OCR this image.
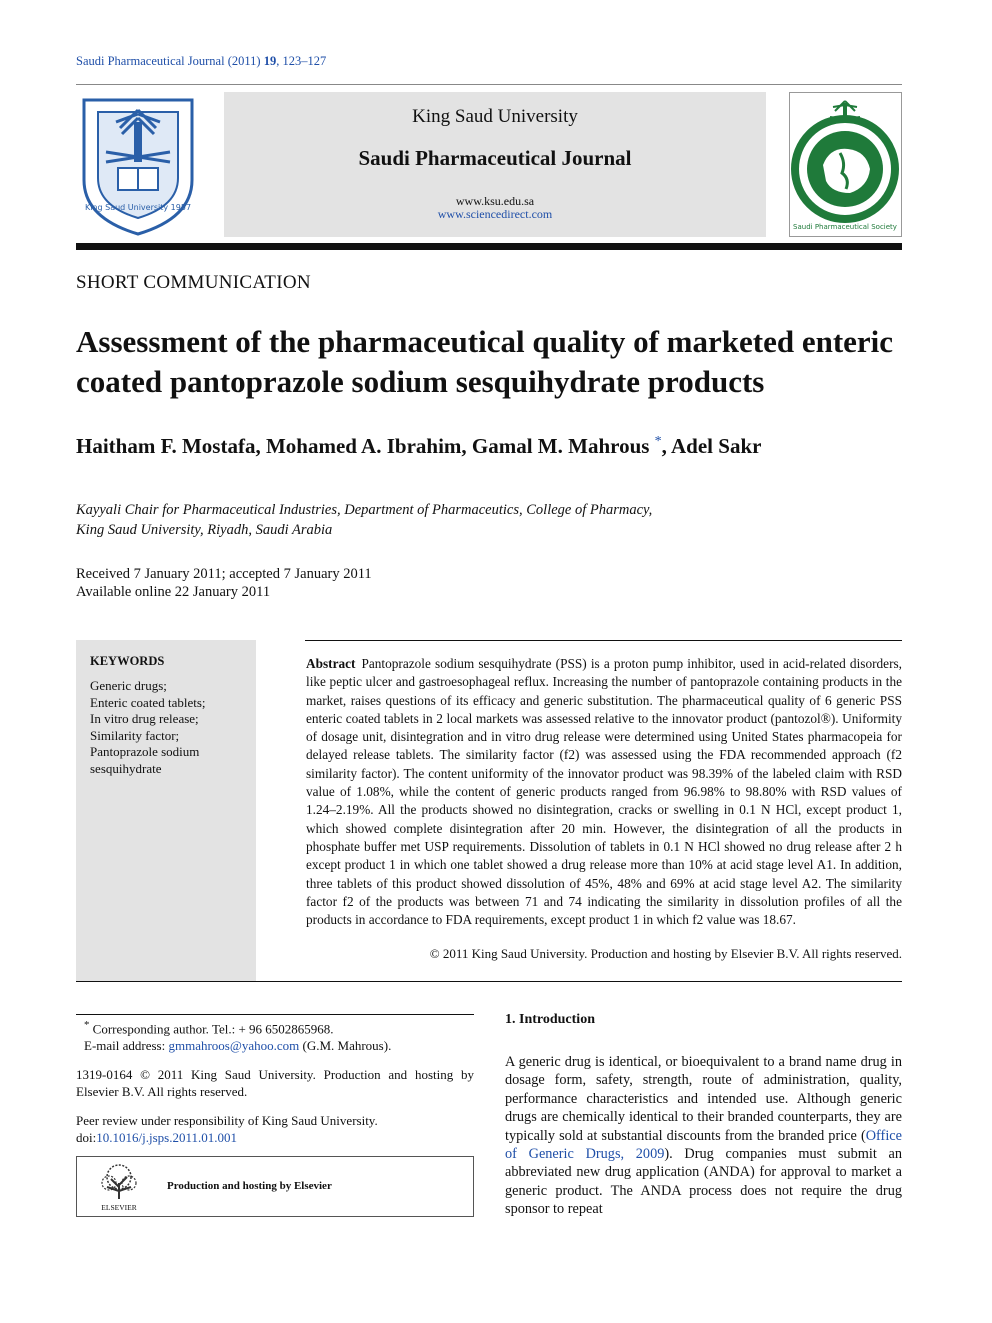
Saudi Pharmaceutical Journal (2011) 19, 123–127
King Saud University 1957
King Saud University
Saudi Pharmaceutical Journal
www.ksu.edu.sa
www.sciencedirect.com
Saudi Pharmaceutical Society
SHORT COMMUNICATION
Assessment of the pharmaceutical quality of marketed enteric coated pantoprazole sodium sesquihydrate products
Haitham F. Mostafa, Mohamed A. Ibrahim, Gamal M. Mahrous *, Adel Sakr
Kayyali Chair for Pharmaceutical Industries, Department of Pharmaceutics, College of Pharmacy,
King Saud University, Riyadh, Saudi Arabia
Received 7 January 2011; accepted 7 January 2011
Available online 22 January 2011
KEYWORDS
Generic drugs;
Enteric coated tablets;
In vitro drug release;
Similarity factor;
Pantoprazole sodium
sesquihydrate
Abstract Pantoprazole sodium sesquihydrate (PSS) is a proton pump inhibitor, used in acid-related disorders, like peptic ulcer and gastroesophageal reflux. Increasing the number of pantoprazole containing products in the market, raises questions of its efficacy and generic substitution. The pharmaceutical quality of 6 generic PSS enteric coated tablets in 2 local markets was assessed relative to the innovator product (pantozol®). Uniformity of dosage unit, disintegration and in vitro drug release were determined using United States pharmacopeia for delayed release tablets. The similarity factor (f2) was assessed using the FDA recommended approach (f2 similarity factor). The content uniformity of the innovator product was 98.39% of the labeled claim with RSD value of 1.08%, while the content of generic products ranged from 96.98% to 98.80% with RSD values of 1.24–2.19%. All the products showed no disintegration, cracks or swelling in 0.1 N HCl, except product 1, which showed complete disintegration after 20 min. However, the disintegration of all the products in phosphate buffer met USP requirements. Dissolution of tablets in 0.1 N HCl showed no drug release after 2 h except product 1 in which one tablet showed a drug release more than 10% at acid stage level A1. In addition, three tablets of this product showed dissolution of 45%, 48% and 69% at acid stage level A2. The similarity factor f2 of the products was between 71 and 74 indicating the similarity in dissolution profiles of all the products in accordance to FDA requirements, except product 1 in which f2 value was 18.67.
© 2011 King Saud University. Production and hosting by Elsevier B.V. All rights reserved.

* Corresponding author. Tel.: + 96 6502865968.

E-mail address: gmmahroos@yahoo.com (G.M. Mahrous).

1319-0164 © 2011 King Saud University. Production and hosting by Elsevier B.V. All rights reserved.

Peer review under responsibility of King Saud University.

doi:10.1016/j.jsps.2011.01.001

ELSEVIER
Production and hosting by Elsevier
1. Introduction
A generic drug is identical, or bioequivalent to a brand name drug in dosage form, safety, strength, route of administration, quality, performance characteristics and intended use. Although generic drugs are chemically identical to their branded counterparts, they are typically sold at substantial discounts from the branded price (Office of Generic Drugs, 2009). Drug companies must submit an abbreviated new drug application (ANDA) for approval to market a generic product. The ANDA process does not require the drug sponsor to repeat
